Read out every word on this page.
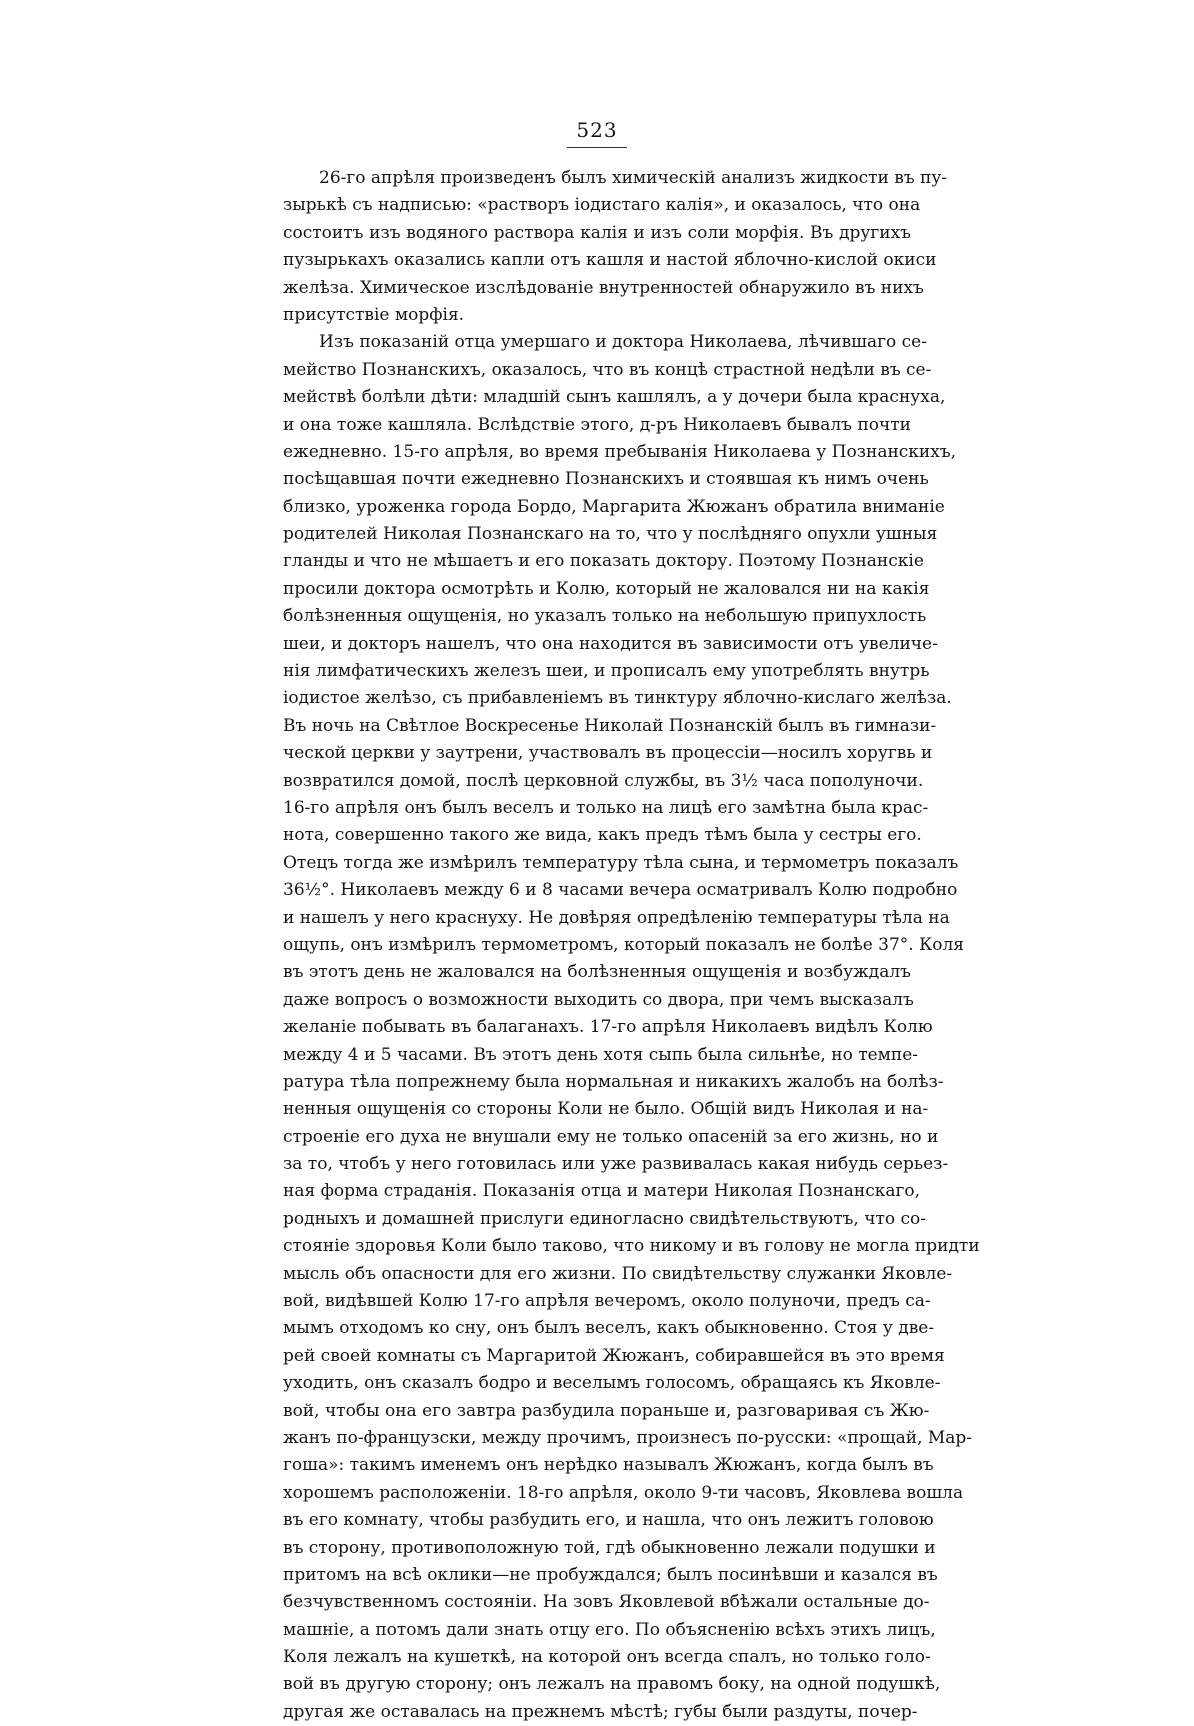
523
26-го апрѣля произведенъ былъ химическій анализъ жидкости въ пу-
зырькѣ съ надписью: «растворъ іодистаго калія», и оказалось, что она
состоитъ изъ водяного раствора калія и изъ соли морфія. Въ другихъ
пузырькахъ оказались капли отъ кашля и настой яблочно-кислой окиси
желѣза. Химическое изслѣдованіе внутренностей обнаружило въ нихъ
присутствіе морфія.
Изъ показаній отца умершаго и доктора Николаева, лѣчившаго се-
мейство Познанскихъ, оказалось, что въ концѣ страстной недѣли въ се-
мействѣ болѣли дѣти: младшій сынъ кашлялъ, а у дочери была краснуха,
и она тоже кашляла. Вслѣдствіе этого, д-ръ Николаевъ бывалъ почти
ежедневно. 15-го апрѣля, во время пребыванія Николаева у Познанскихъ,
посѣщавшая почти ежедневно Познанскихъ и стоявшая къ нимъ очень
близко, уроженка города Бордо, Маргарита Жюжанъ обратила вниманіе
родителей Николая Познанскаго на то, что у послѣдняго опухли ушныя
гланды и что не мѣшаетъ и его показать доктору. Поэтому Познанскіе
просили доктора осмотрѣть и Колю, который не жаловался ни на какія
болѣзненныя ощущенія, но указалъ только на небольшую припухлость
шеи, и докторъ нашелъ, что она находится въ зависимости отъ увеличе-
нія лимфатическихъ железъ шеи, и прописалъ ему употреблять внутрь
іодистое желѣзо, съ прибавленіемъ въ тинктуру яблочно-кислаго желѣза.
Въ ночь на Свѣтлое Воскресенье Николай Познанскій былъ въ гимнази-
ческой церкви у заутрени, участвовалъ въ процессіи—носилъ хоругвь и
возвратился домой, послѣ церковной службы, въ 3½ часа пополуночи.
16-го апрѣля онъ былъ веселъ и только на лицѣ его замѣтна была крас-
нота, совершенно такого же вида, какъ предъ тѣмъ была у сестры его.
Отецъ тогда же измѣрилъ температуру тѣла сына, и термометръ показалъ
36½°. Николаевъ между 6 и 8 часами вечера осматривалъ Колю подробно
и нашелъ у него краснуху. Не довѣряя опредѣленію температуры тѣла на
ощупь, онъ измѣрилъ термометромъ, который показалъ не болѣе 37°. Коля
въ этотъ день не жаловался на болѣзненныя ощущенія и возбуждалъ
даже вопросъ о возможности выходить со двора, при чемъ высказалъ
желаніе побывать въ балаганахъ. 17-го апрѣля Николаевъ видѣлъ Колю
между 4 и 5 часами. Въ этотъ день хотя сыпь была сильнѣе, но темпе-
ратура тѣла попрежнему была нормальная и никакихъ жалобъ на болѣз-
ненныя ощущенія со стороны Коли не было. Общій видъ Николая и на-
строеніе его духа не внушали ему не только опасеній за его жизнь, но и
за то, чтобъ у него готовилась или уже развивалась какая нибудь серьез-
ная форма страданія. Показанія отца и матери Николая Познанскаго,
родныхъ и домашней прислуги единогласно свидѣтельствуютъ, что со-
стояніе здоровья Коли было таково, что никому и въ голову не могла придти
мысль объ опасности для его жизни. По свидѣтельству служанки Яковле-
вой, видѣвшей Колю 17-го апрѣля вечеромъ, около полуночи, предъ са-
мымъ отходомъ ко сну, онъ былъ веселъ, какъ обыкновенно. Стоя у две-
рей своей комнаты съ Маргаритой Жюжанъ, собиравшейся въ это время
уходить, онъ сказалъ бодро и веселымъ голосомъ, обращаясь къ Яковле-
вой, чтобы она его завтра разбудила пораньше и, разговаривая съ Жю-
жанъ по-французски, между прочимъ, произнесъ по-русски: «прощай, Мар-
гоша»: такимъ именемъ онъ нерѣдко называлъ Жюжанъ, когда былъ въ
хорошемъ расположеніи. 18-го апрѣля, около 9-ти часовъ, Яковлева вошла
въ его комнату, чтобы разбудить его, и нашла, что онъ лежитъ головою
въ сторону, противоположную той, гдѣ обыкновенно лежали подушки и
притомъ на всѣ оклики—не пробуждался; былъ посинѣвши и казался въ
безчувственномъ состояніи. На зовъ Яковлевой вбѣжали остальные до-
машніе, а потомъ дали знать отцу его. По объясненію всѣхъ этихъ лицъ,
Коля лежалъ на кушеткѣ, на которой онъ всегда спалъ, но только голо-
вой въ другую сторону; онъ лежалъ на правомъ боку, на одной подушкѣ,
другая же оставалась на прежнемъ мѣстѣ; губы были раздуты, почер-
